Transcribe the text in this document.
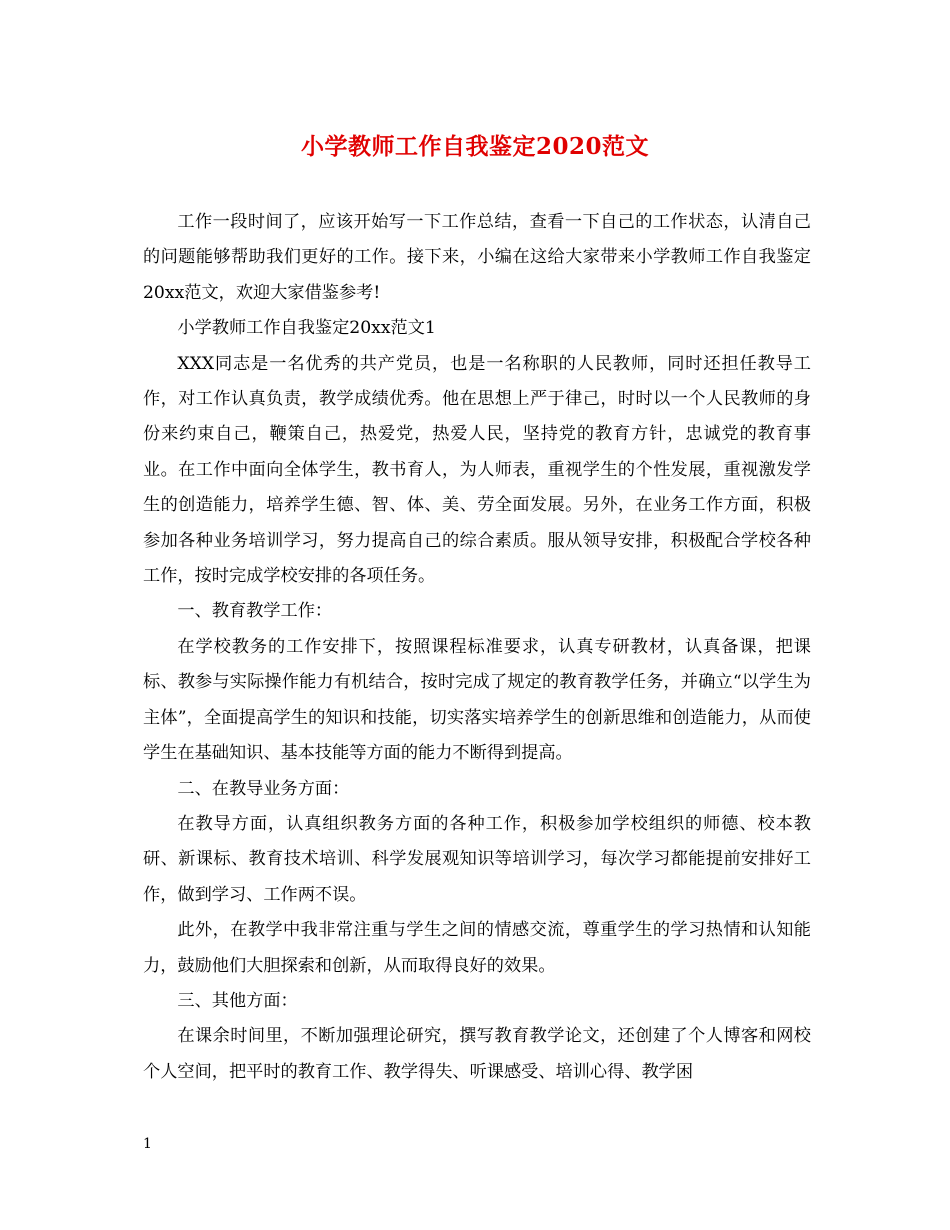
小学教师工作自我鉴定2020范文

工作一段时间了，应该开始写一下工作总结，查看一下自己的工作状态，认清自己的问题能够帮助我们更好的工作。接下来，小编在这给大家带来小学教师工作自我鉴定20xx范文，欢迎大家借鉴参考!

小学教师工作自我鉴定20xx范文1

XXX同志是一名优秀的共产党员，也是一名称职的人民教师，同时还担任教导工作，对工作认真负责，教学成绩优秀。他在思想上严于律己，时时以一个人民教师的身份来约束自己，鞭策自己，热爱党，热爱人民，坚持党的教育方针，忠诚党的教育事业。在工作中面向全体学生，教书育人，为人师表，重视学生的个性发展，重视激发学生的创造能力，培养学生德、智、体、美、劳全面发展。另外，在业务工作方面，积极参加各种业务培训学习，努力提高自己的综合素质。服从领导安排，积极配合学校各种工作，按时完成学校安排的各项任务。

一、教育教学工作：

在学校教务的工作安排下，按照课程标准要求，认真专研教材，认真备课，把课标、教参与实际操作能力有机结合，按时完成了规定的教育教学任务，并确立“以学生为主体”，全面提高学生的知识和技能，切实落实培养学生的创新思维和创造能力，从而使学生在基础知识、基本技能等方面的能力不断得到提高。

二、在教导业务方面：

在教导方面，认真组织教务方面的各种工作，积极参加学校组织的师德、校本教研、新课标、教育技术培训、科学发展观知识等培训学习，每次学习都能提前安排好工作，做到学习、工作两不误。

此外，在教学中我非常注重与学生之间的情感交流，尊重学生的学习热情和认知能力，鼓励他们大胆探索和创新，从而取得良好的效果。

三、其他方面：

在课余时间里，不断加强理论研究，撰写教育教学论文，还创建了个人博客和网校个人空间，把平时的教育工作、教学得失、听课感受、培训心得、教学困

1
